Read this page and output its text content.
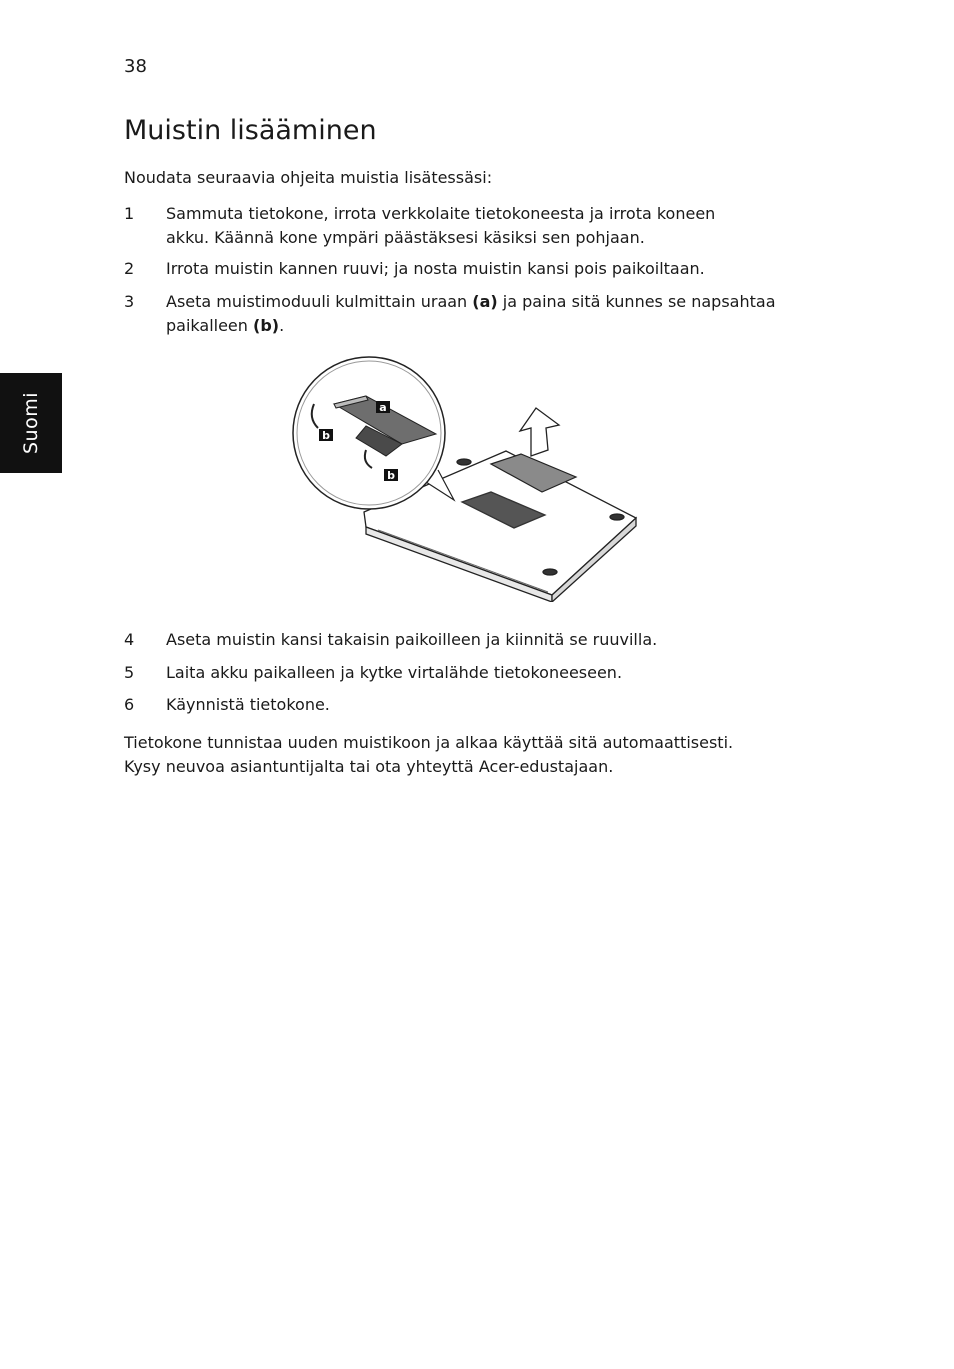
38
Suomi
Muistin lisääminen

Noudata seuraavia ohjeita muistia lisätessäsi:

1 Sammuta tietokone, irrota verkkolaite tietokoneesta ja irrota koneen
akku. Käännä kone ympäri päästäksesi käsiksi sen pohjaan.
2 Irrota muistin kannen ruuvi; ja nosta muistin kansi pois paikoiltaan.
3 Aseta muistimoduuli kulmittain uraan (a) ja paina sitä kunnes se napsahtaa
paikalleen (b).
a
b
b
4 Aseta muistin kansi takaisin paikoilleen ja kiinnitä se ruuvilla.
5 Laita akku paikalleen ja kytke virtalähde tietokoneeseen.
6 Käynnistä tietokone.
Tietokone tunnistaa uuden muistikoon ja alkaa käyttää sitä automaattisesti.
Kysy neuvoa asiantuntijalta tai ota yhteyttä Acer-edustajaan.
